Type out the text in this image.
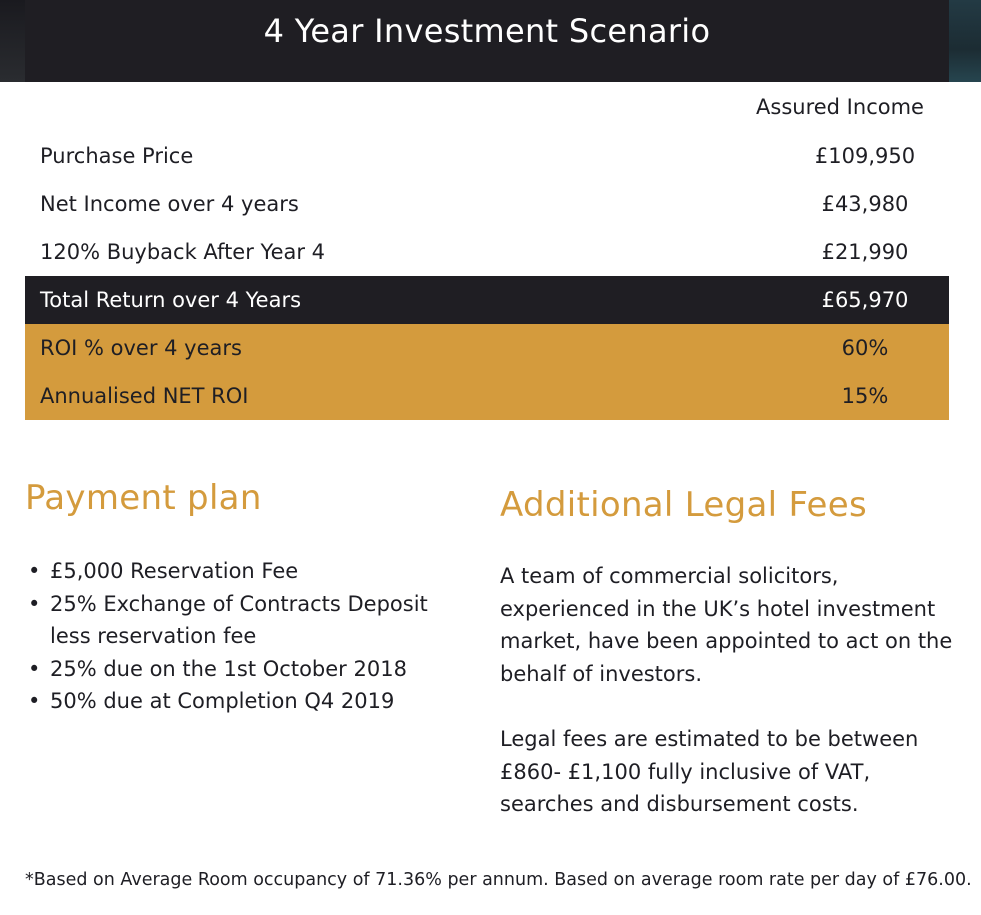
4 Year Investment Scenario
Assured Income
Purchase Price	£109,950
Net Income over 4 years	£43,980
120% Buyback After Year 4	£21,990
Total Return over 4 Years	£65,970
ROI % over 4 years	60%
Annualised NET ROI	15%
Payment plan
• £5,000 Reservation Fee
• 25% Exchange of Contracts Deposit less reservation fee
• 25% due on the 1st October 2018
• 50% due at Completion Q4 2019
Additional Legal Fees

A team of commercial solicitors, experienced in the UK’s hotel investment market, have been appointed to act on the behalf of investors.

Legal fees are estimated to be between £860- £1,100 fully inclusive of VAT, searches and disbursement costs.

*Based on Average Room occupancy of 71.36% per annum. Based on average room rate per day of £76.00.
